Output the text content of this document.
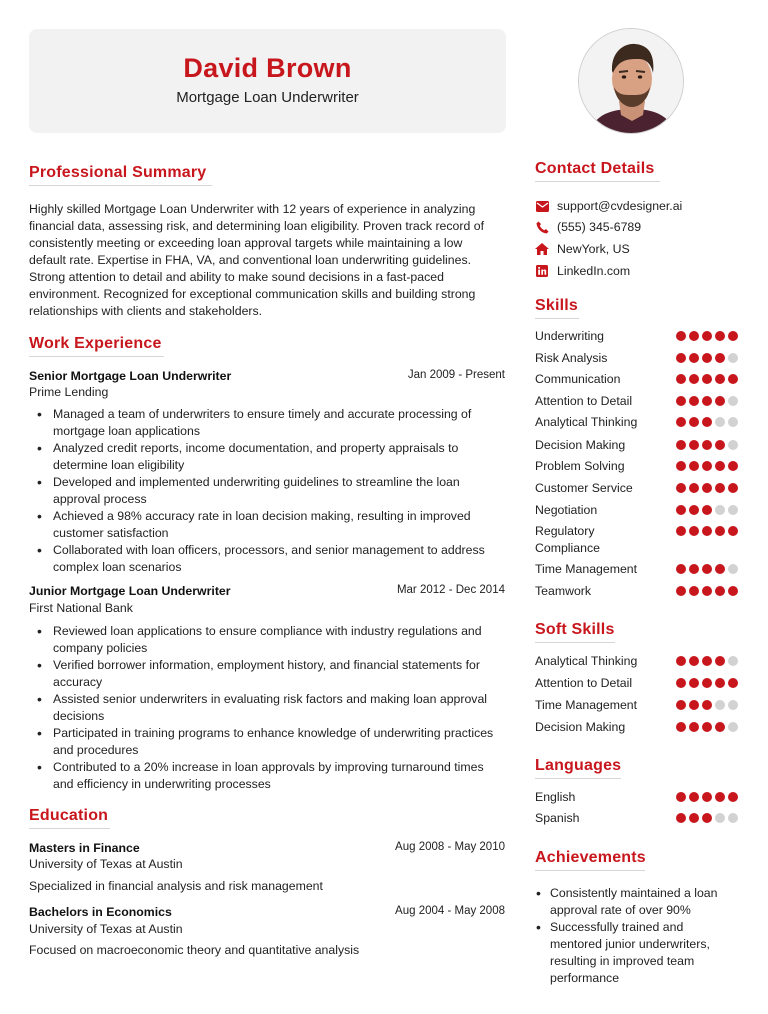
David Brown
Mortgage Loan Underwriter
Professional Summary
Highly skilled Mortgage Loan Underwriter with 12 years of experience in analyzing financial data, assessing risk, and determining loan eligibility. Proven track record of consistently meeting or exceeding loan approval targets while maintaining a low default rate. Expertise in FHA, VA, and conventional loan underwriting guidelines. Strong attention to detail and ability to make sound decisions in a fast-paced environment. Recognized for exceptional communication skills and building strong relationships with clients and stakeholders.
Work Experience
Senior Mortgage Loan Underwriter	Jan 2009 - Present
Prime Lending
• Managed a team of underwriters to ensure timely and accurate processing of mortgage loan applications
• Analyzed credit reports, income documentation, and property appraisals to determine loan eligibility
• Developed and implemented underwriting guidelines to streamline the loan approval process
• Achieved a 98% accuracy rate in loan decision making, resulting in improved customer satisfaction
• Collaborated with loan officers, processors, and senior management to address complex loan scenarios
Junior Mortgage Loan Underwriter	Mar 2012 - Dec 2014
First National Bank
• Reviewed loan applications to ensure compliance with industry regulations and company policies
• Verified borrower information, employment history, and financial statements for accuracy
• Assisted senior underwriters in evaluating risk factors and making loan approval decisions
• Participated in training programs to enhance knowledge of underwriting practices and procedures
• Contributed to a 20% increase in loan approvals by improving turnaround times and efficiency in underwriting processes
Education
Masters in Finance	Aug 2008 - May 2010
University of Texas at Austin
Specialized in financial analysis and risk management
Bachelors in Economics	Aug 2004 - May 2008
University of Texas at Austin
Focused on macroeconomic theory and quantitative analysis
Contact Details
support@cvdesigner.ai
(555) 345-6789
NewYork, US
LinkedIn.com
Skills
Underwriting
Risk Analysis
Communication
Attention to Detail
Analytical Thinking
Decision Making
Problem Solving
Customer Service
Negotiation
Regulatory Compliance
Time Management
Teamwork
Soft Skills
Analytical Thinking
Attention to Detail
Time Management
Decision Making
Languages
English
Spanish
Achievements
• Consistently maintained a loan approval rate of over 90%
• Successfully trained and mentored junior underwriters, resulting in improved team performance
